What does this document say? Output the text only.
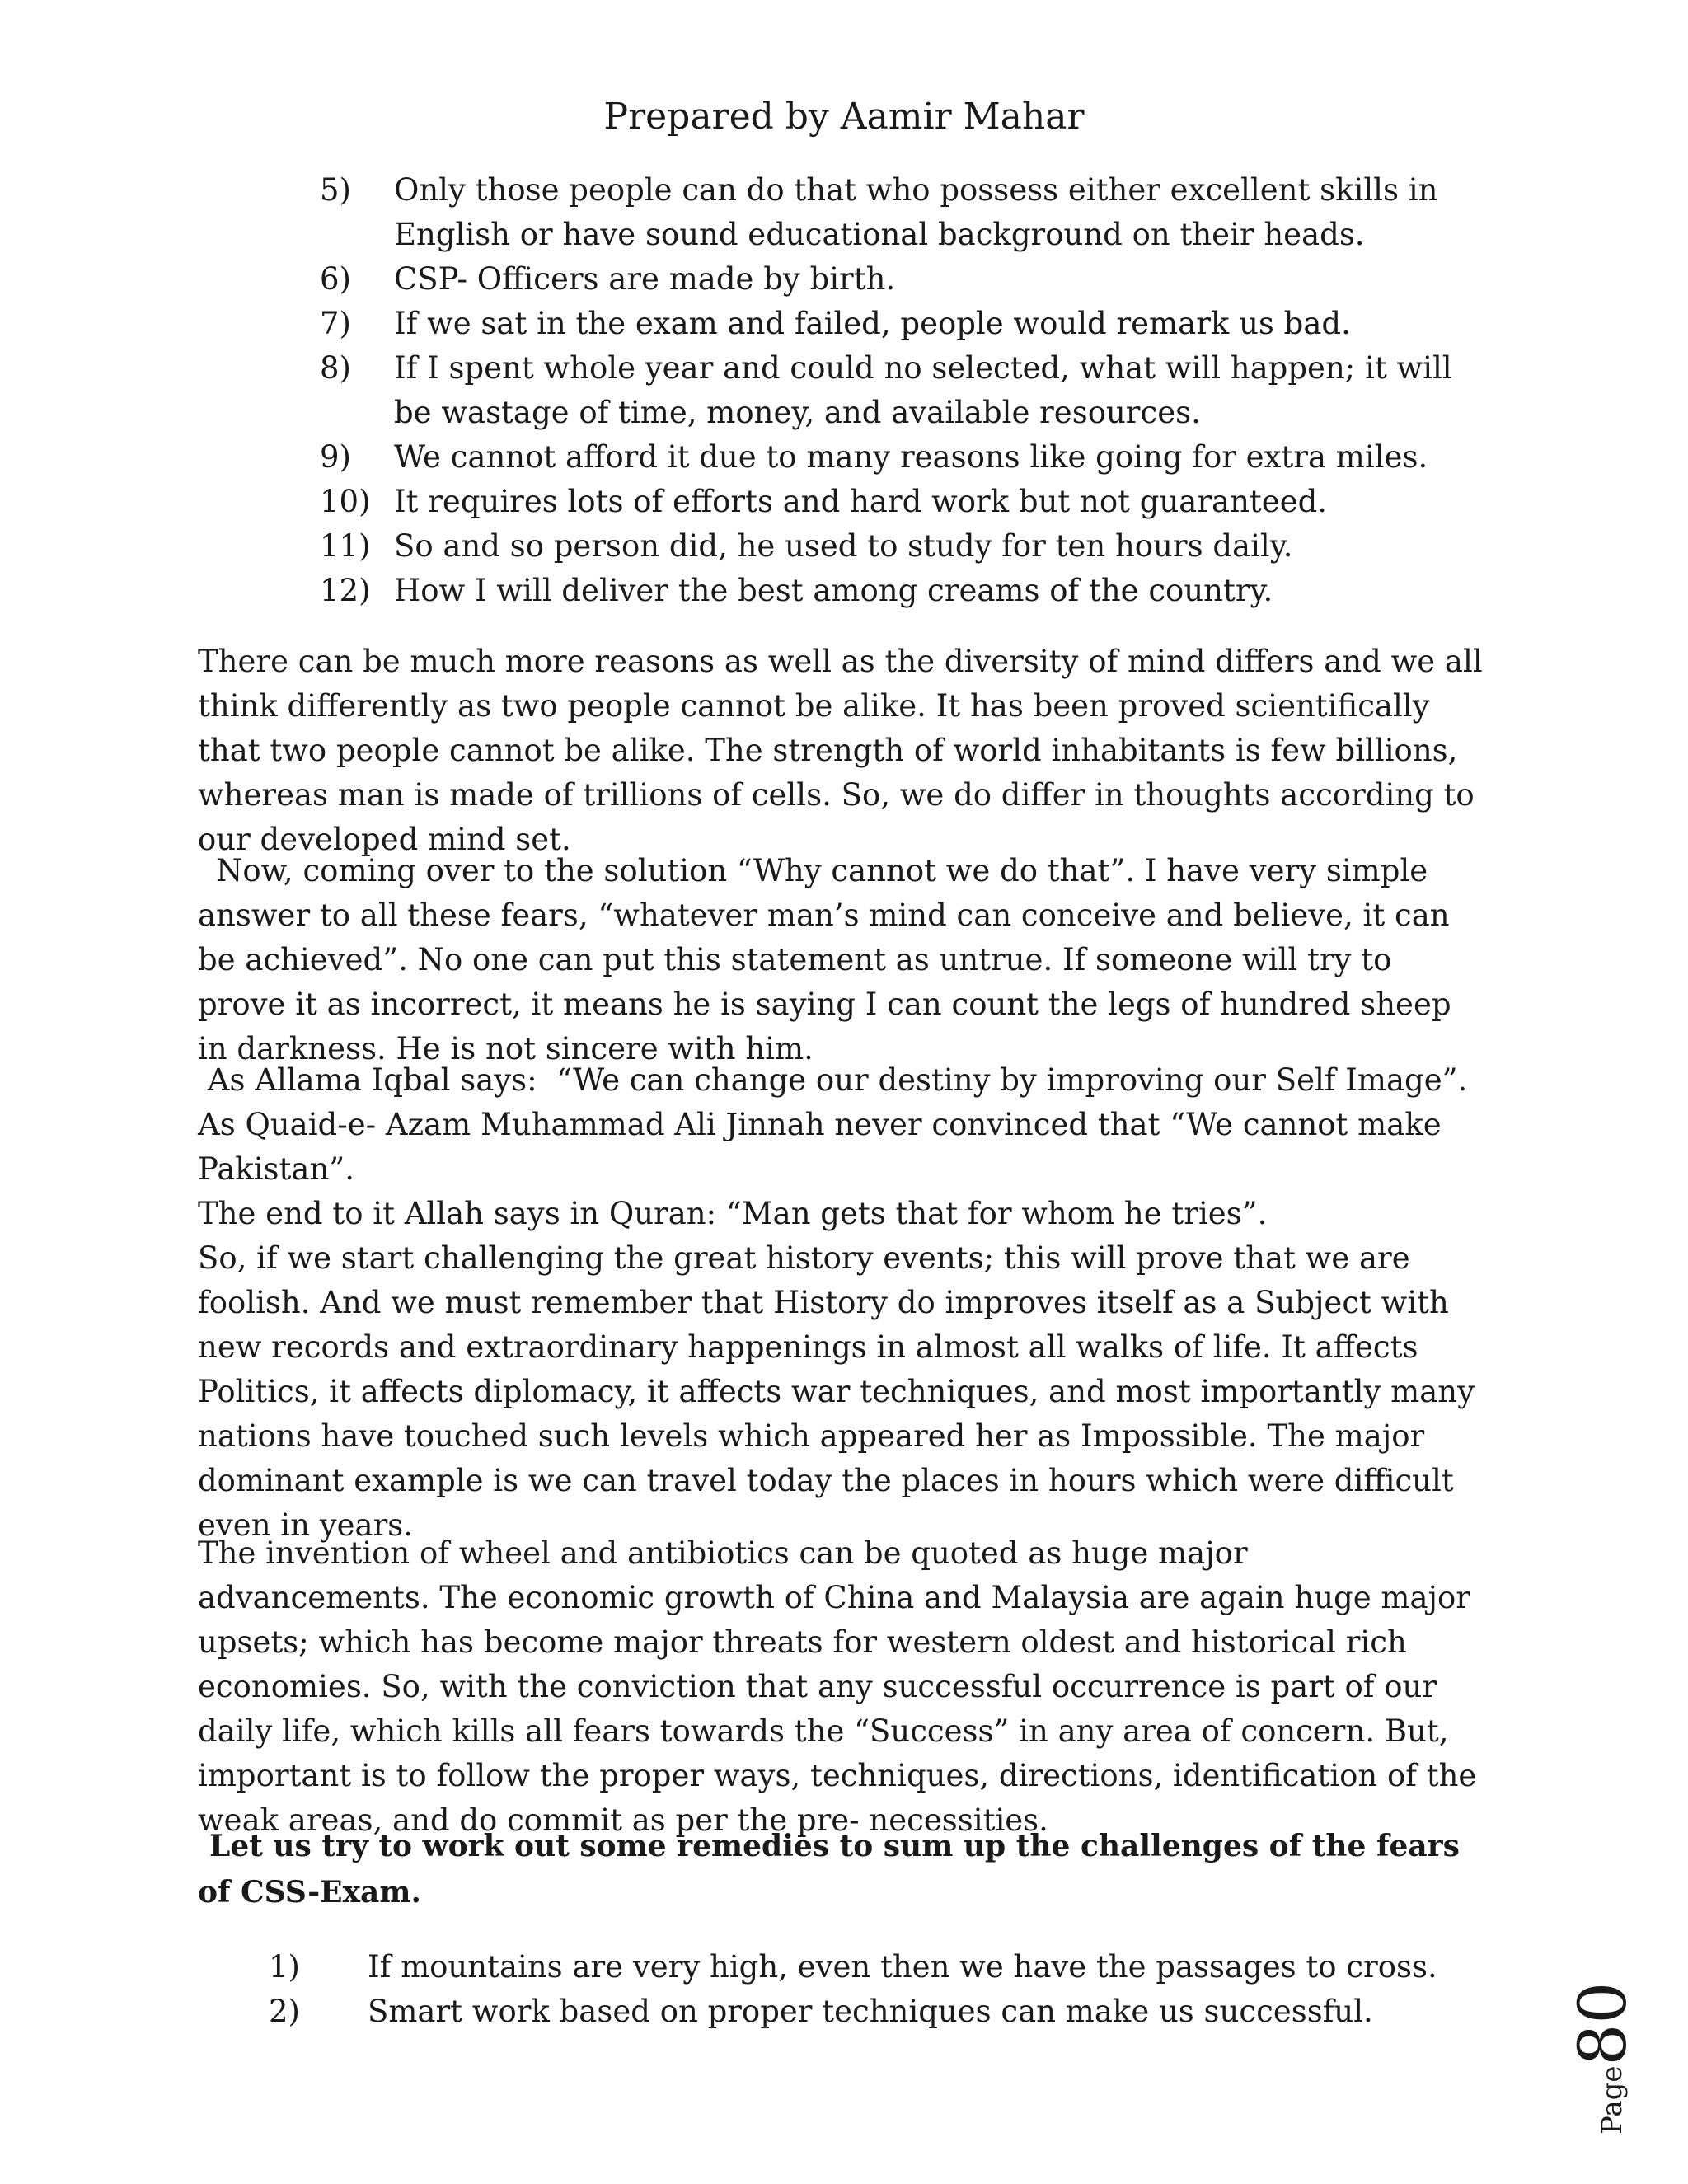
Prepared by Aamir Mahar
5)	Only those people can do that who possess either excellent skills in English or have sound educational background on their heads.
6)	CSP- Officers are made by birth.
7)	If we sat in the exam and failed, people would remark us bad.
8)	If I spent whole year and could no selected, what will happen; it will be wastage of time, money, and available resources.
9)	We cannot afford it due to many reasons like going for extra miles.
10) It requires lots of efforts and hard work but not guaranteed.
11) So and so person did, he used to study for ten hours daily.
12) How I will deliver the best among creams of the country.
There can be much more reasons as well as the diversity of mind differs and we all think differently as two people cannot be alike. It has been proved scientifically that two people cannot be alike. The strength of world inhabitants is few billions, whereas man is made of trillions of cells. So, we do differ in thoughts according to our developed mind set.
Now, coming over to the solution “Why cannot we do that”. I have very simple answer to all these fears, “whatever man’s mind can conceive and believe, it can be achieved”. No one can put this statement as untrue. If someone will try to prove it as incorrect, it means he is saying I can count the legs of hundred sheep in darkness. He is not sincere with him.
As Allama Iqbal says:  “We can change our destiny by improving our Self Image”.
As Quaid-e- Azam Muhammad Ali Jinnah never convinced that “We cannot make Pakistan”.
The end to it Allah says in Quran: “Man gets that for whom he tries”.
So, if we start challenging the great history events; this will prove that we are foolish. And we must remember that History do improves itself as a Subject with new records and extraordinary happenings in almost all walks of life. It affects Politics, it affects diplomacy, it affects war techniques, and most importantly many nations have touched such levels which appeared her as Impossible. The major dominant example is we can travel today the places in hours which were difficult even in years.
The invention of wheel and antibiotics can be quoted as huge major advancements. The economic growth of China and Malaysia are again huge major upsets; which has become major threats for western oldest and historical rich economies. So, with the conviction that any successful occurrence is part of our daily life, which kills all fears towards the “Success” in any area of concern. But, important is to follow the proper ways, techniques, directions, identification of the weak areas, and do commit as per the pre- necessities.
Let us try to work out some remedies to sum up the challenges of the fears of CSS-Exam.
1)	If mountains are very high, even then we have the passages to cross.
2)	Smart work based on proper techniques can make us successful.
Page
80
